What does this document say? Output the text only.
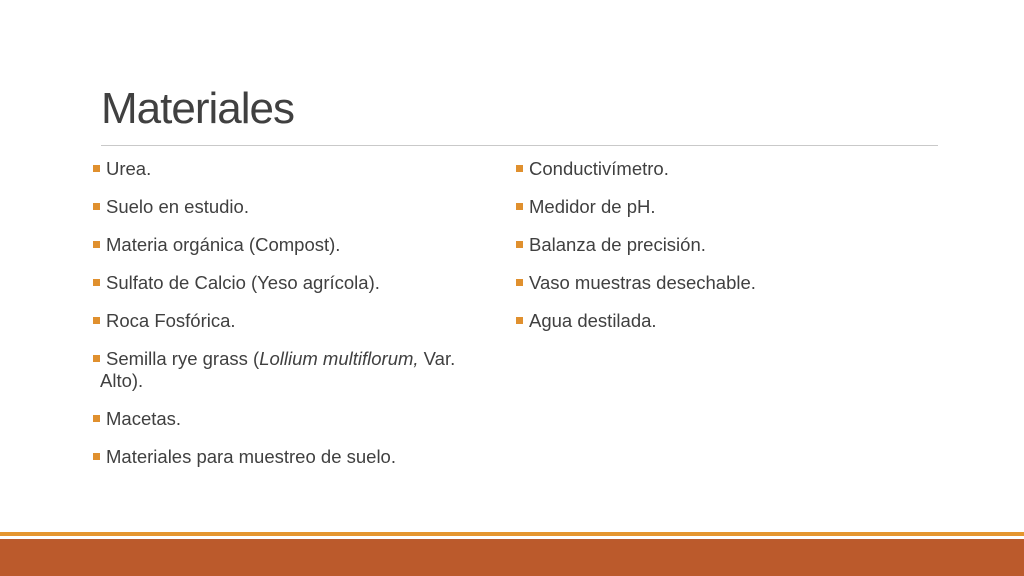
Materiales
Urea.
Suelo en estudio.
Materia orgánica (Compost).
Sulfato de Calcio (Yeso agrícola).
Roca Fosfórica.
Semilla rye grass (Lollium multiflorum, Var.
Alto).
Macetas.
Materiales para muestreo de suelo.
Conductivímetro.
Medidor de pH.
Balanza de precisión.
Vaso muestras desechable.
Agua destilada.
